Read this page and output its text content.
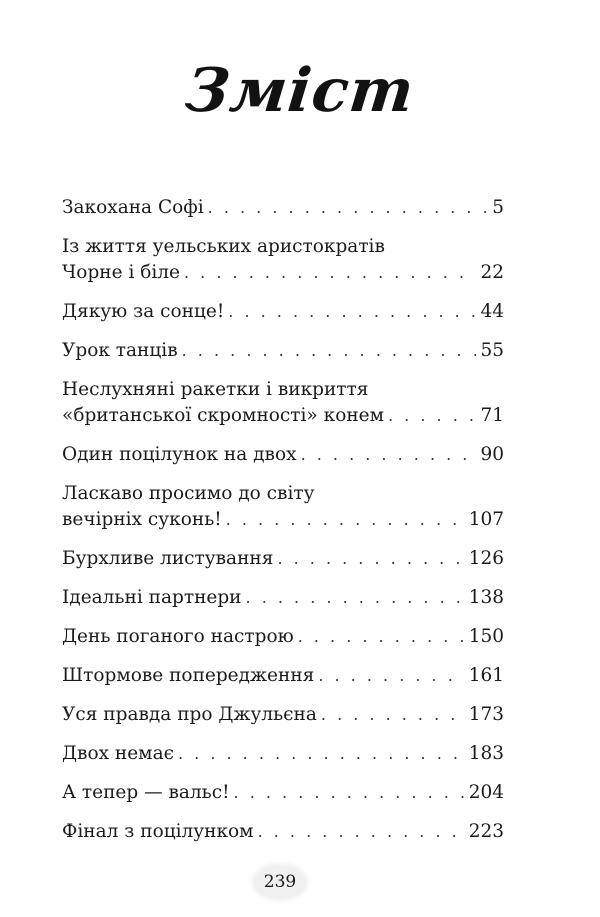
Зміст
Закохана Софі . . .	5
Із життя уельських аристократів
Чорне і біле . . .	22
Дякую за сонце! . . .	44
Урок танців . . .	55
Неслухняні ракетки і викриття
«британської скромності» конем . . .	71
Один поцілунок на двох . . .	90
Ласкаво просимо до світу
вечірніх суконь! . . .	107
Бурхливе листування . . .	126
Ідеальні партнери . . .	138
День поганого настрою . . .	150
Штормове попередження . . .	161
Уся правда про Джульєна . . .	173
Двох немає . . .	183
А тепер — вальс! . . .	204
Фінал з поцілунком . . .	223
239
